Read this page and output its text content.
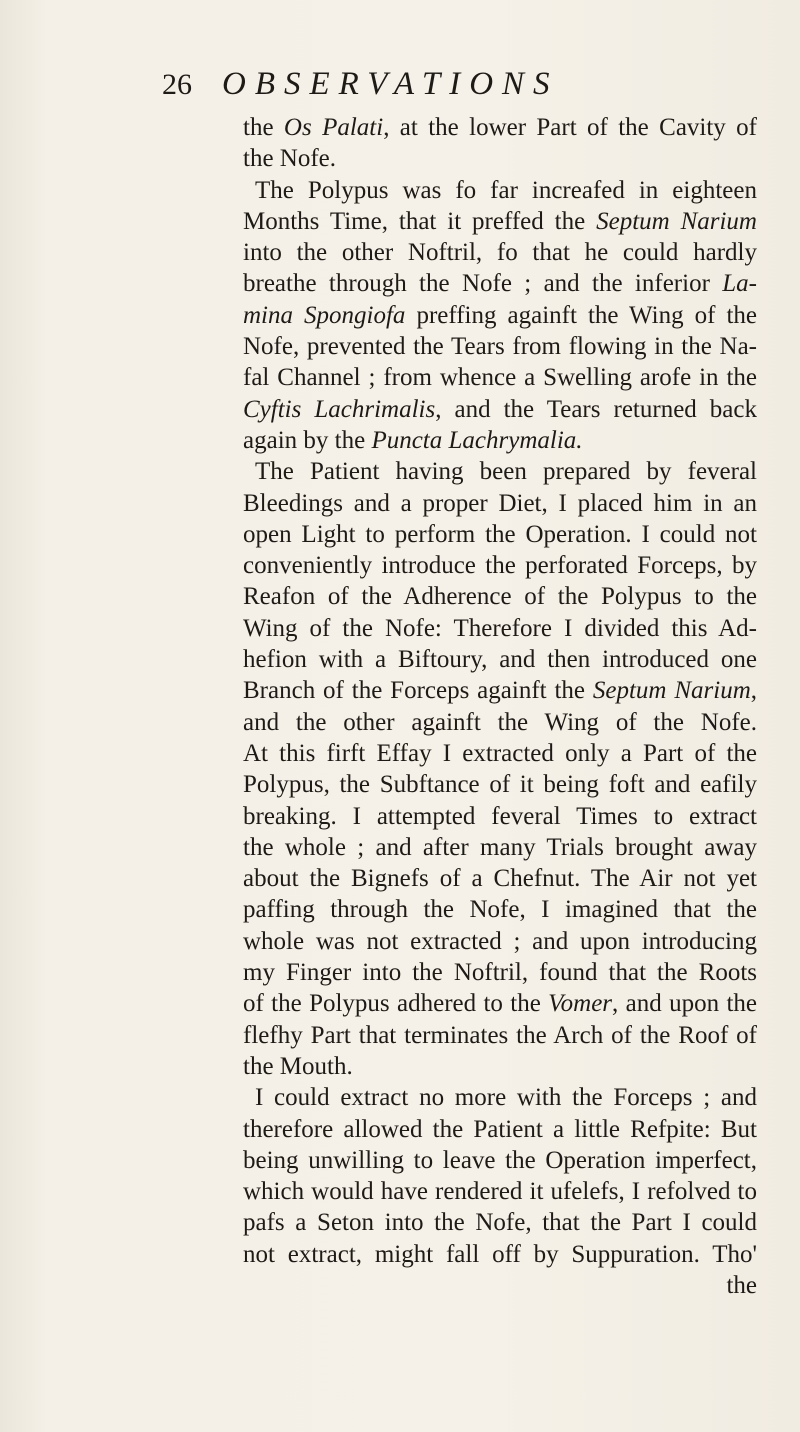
26 OBSERVATIONS
the Os Palati, at the lower Part of the Cavity of
the Nofe.
The Polypus was fo far increafed in eighteen
Months Time, that it preffed the Septum Narium
into the other Noftril, fo that he could hardly
breathe through the Nofe ; and the inferior La-
mina Spongiofa preffing againft the Wing of the
Nofe, prevented the Tears from flowing in the Na-
fal Channel ; from whence a Swelling arofe in the
Cyftis Lachrimalis, and the Tears returned back
again by the Puncta Lachrymalia.
The Patient having been prepared by feveral
Bleedings and a proper Diet, I placed him in an
open Light to perform the Operation. I could not
conveniently introduce the perforated Forceps, by
Reafon of the Adherence of the Polypus to the
Wing of the Nofe: Therefore I divided this Ad-
hefion with a Biftoury, and then introduced one
Branch of the Forceps againft the Septum Narium,
and the other againft the Wing of the Nofe.
At this firft Effay I extracted only a Part of the
Polypus, the Subftance of it being foft and eafily
breaking. I attempted feveral Times to extract
the whole ; and after many Trials brought away
about the Bignefs of a Chefnut. The Air not yet
paffing through the Nofe, I imagined that the
whole was not extracted ; and upon introducing
my Finger into the Noftril, found that the Roots
of the Polypus adhered to the Vomer, and upon the
flefhy Part that terminates the Arch of the Roof of
the Mouth.
I could extract no more with the Forceps ; and
therefore allowed the Patient a little Refpite: But
being unwilling to leave the Operation imperfect,
which would have rendered it ufelefs, I refolved to
pafs a Seton into the Nofe, that the Part I could
not extract, might fall off by Suppuration. Tho'
the
